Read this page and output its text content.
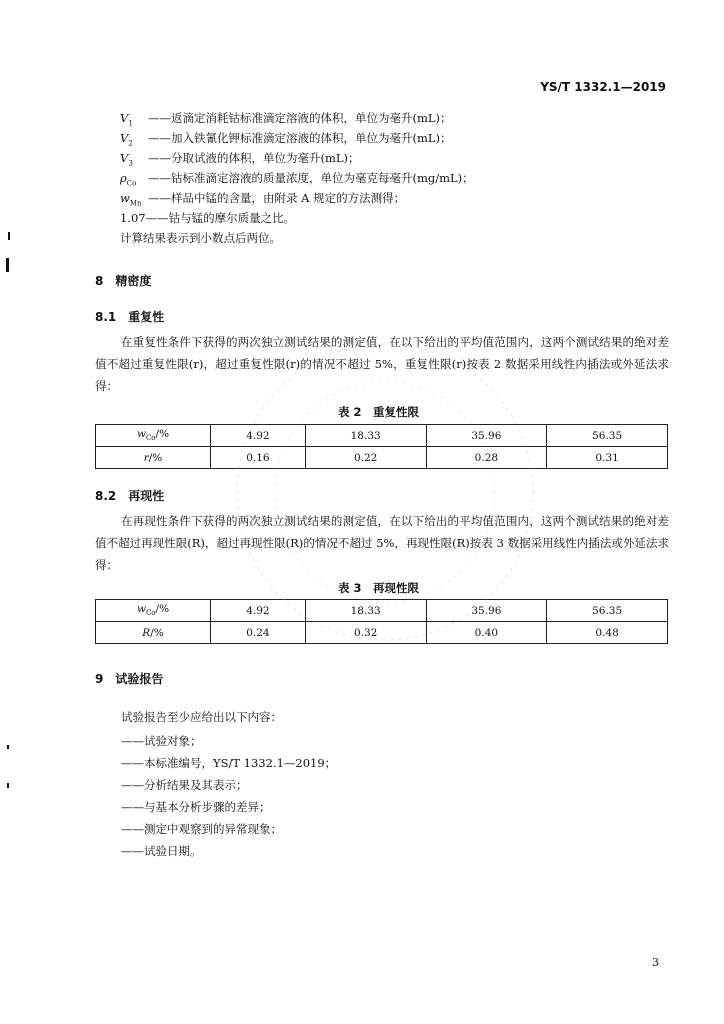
YS/T 1332.1—2019
$V_1$ ——返滴定消耗钴标准滴定溶液的体积，单位为毫升(mL)；
$V_2$ ——加入铁氰化钾标准滴定溶液的体积，单位为毫升(mL)；
$V_3$ ——分取试液的体积，单位为毫升(mL)；
$\rho_{Co}$ ——钴标准滴定溶液的质量浓度，单位为毫克每毫升(mg/mL)；
$w_{Mn}$ ——样品中锰的含量，由附录 A 规定的方法测得；
1.07——钴与锰的摩尔质量之比。
计算结果表示到小数点后两位。
8　精密度
8.1　重复性
在重复性条件下获得的两次独立测试结果的测定值，在以下给出的平均值范围内，这两个测试结果的绝对差值不超过重复性限(r)，超过重复性限(r)的情况不超过 5%，重复性限(r)按表 2 数据采用线性内插法或外延法求得：
表 2　重复性限
$w_{Co}/\%$	4.92	18.33	35.96	56.35
r/%	0.16	0.22	0.28	0.31
8.2　再现性
在再现性条件下获得的两次独立测试结果的测定值，在以下给出的平均值范围内，这两个测试结果的绝对差值不超过再现性限(R)，超过再现性限(R)的情况不超过 5%，再现性限(R)按表 3 数据采用线性内插法或外延法求得：
表 3　再现性限
$w_{Co}/\%$	4.92	18.33	35.96	56.35
R/%	0.24	0.32	0.40	0.48
9　试验报告
试验报告至少应给出以下内容：
——试验对象；
——本标准编号，YS/T 1332.1—2019；
——分析结果及其表示；
——与基本分析步骤的差异；
——测定中观察到的异常现象；
——试验日期。
3
